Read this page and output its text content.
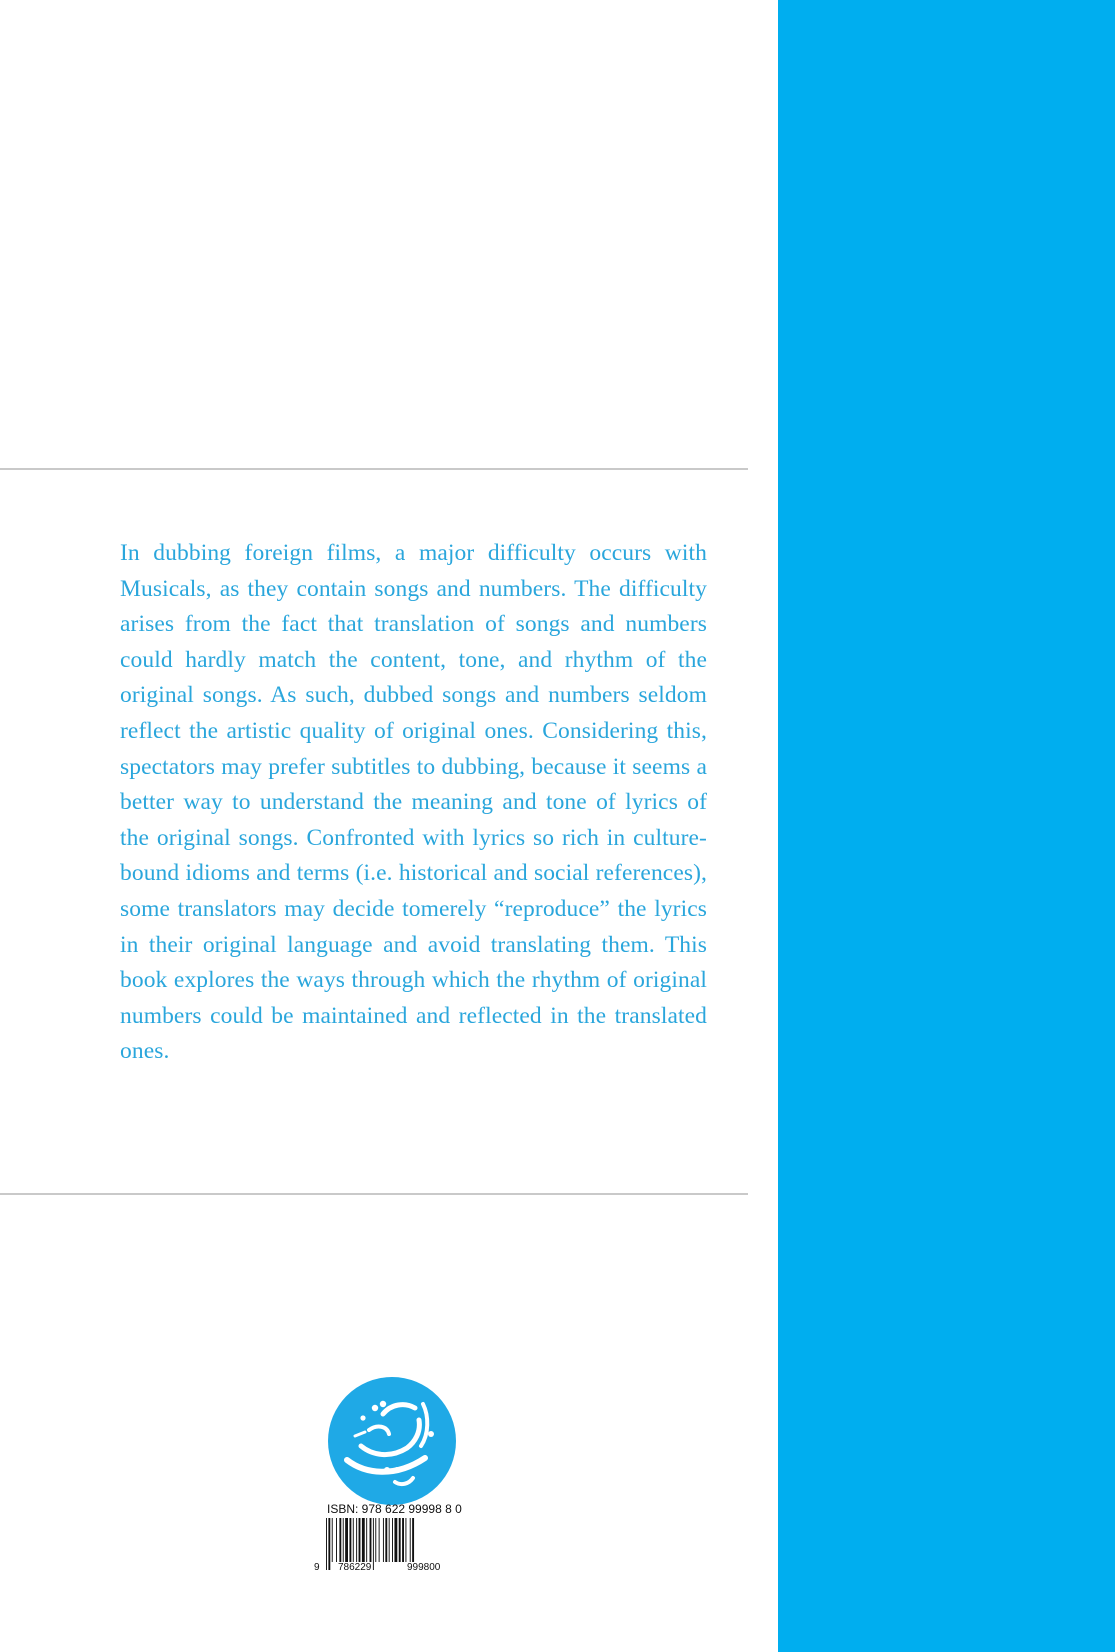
In dubbing foreign films, a major difficulty occurs with Musicals, as they contain songs and numbers. The difficulty arises from the fact that translation of songs and numbers could hardly match the content, tone, and rhythm of the original songs. As such, dubbed songs and numbers seldom reflect the artistic quality of original ones. Considering this, spectators may prefer subtitles to dubbing, because it seems a better way to understand the meaning and tone of lyrics of the original songs. Confronted with lyrics so rich in culture- bound idioms and terms (i.e. historical and social references), some translators may decide tomerely “reproduce” the lyrics in their original language and avoid translating them. This book explores the ways through which the rhythm of original numbers could be maintained and reflected in the translated ones.

ISBN: 978 622 99998 8 0
9 786229	999800
